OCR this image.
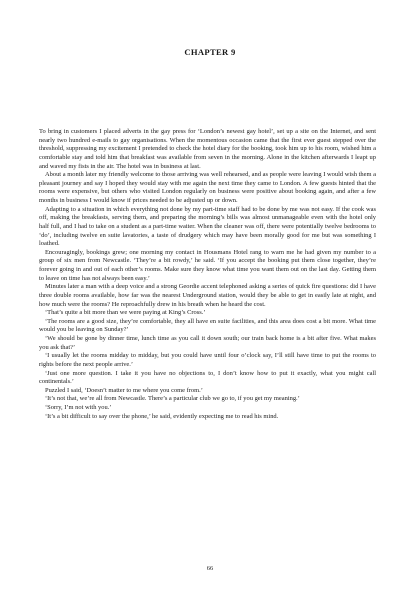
CHAPTER 9

To bring in customers I placed adverts in the gay press for ‘London’s newest gay hotel’, set up a site on the Internet, and sent nearly two hundred e-mails to gay organisations. When the momentous occasion came that the first ever guest stepped over the threshold, suppressing my excitement I pretended to check the hotel diary for the booking, took him up to his room, wished him a comfortable stay and told him that breakfast was available from seven in the morning. Alone in the kitchen afterwards I leapt up and waved my fists in the air. The hotel was in business at last.

About a month later my friendly welcome to those arriving was well rehearsed, and as people were leaving I would wish them a pleasant journey and say I hoped they would stay with me again the next time they came to London. A few guests hinted that the rooms were expensive, but others who visited London regularly on business were positive about booking again, and after a few months in business I would know if prices needed to be adjusted up or down.

Adapting to a situation in which everything not done by my part-time staff had to be done by me was not easy. If the cook was off, making the breakfasts, serving them, and preparing the morning’s bills was almost unmanageable even with the hotel only half full, and I had to take on a student as a part-time waiter. When the cleaner was off, there were potentially twelve bedrooms to ‘do’, including twelve en suite lavatories, a taste of drudgery which may have been morally good for me but was something I loathed.

Encouragingly, bookings grew; one morning my contact in Housmans Hotel rang to warn me he had given my number to a group of six men from Newcastle. ‘They’re a bit rowdy,’ he said. ‘If you accept the booking put them close together, they’re forever going in and out of each other’s rooms. Make sure they know what time you want them out on the last day. Getting them to leave on time has not always been easy.’

Minutes later a man with a deep voice and a strong Geordie accent telephoned asking a series of quick fire questions: did I have three double rooms available, how far was the nearest Underground station, would they be able to get in easily late at night, and how much were the rooms? He reproachfully drew in his breath when he heard the cost.

‘That’s quite a bit more than we were paying at King’s Cross.’

‘The rooms are a good size, they’re comfortable, they all have en suite facilities, and this area does cost a bit more. What time would you be leaving on Sunday?’

‘We should be gone by dinner time, lunch time as you call it down south; our train back home is a bit after five. What makes you ask that?’

‘I usually let the rooms midday to midday, but you could have until four o’clock say, I’ll still have time to put the rooms to rights before the next people arrive.’

‘Just one more question. I take it you have no objections to, I don’t know how to put it exactly, what you might call continentals.’

Puzzled I said, ‘Doesn’t matter to me where you come from.’

‘It’s not that, we’re all from Newcastle. There’s a particular club we go to, if you get my meaning.’

‘Sorry, I’m not with you.’

‘It’s a bit difficult to say over the phone,’ he said, evidently expecting me to read his mind.

66
